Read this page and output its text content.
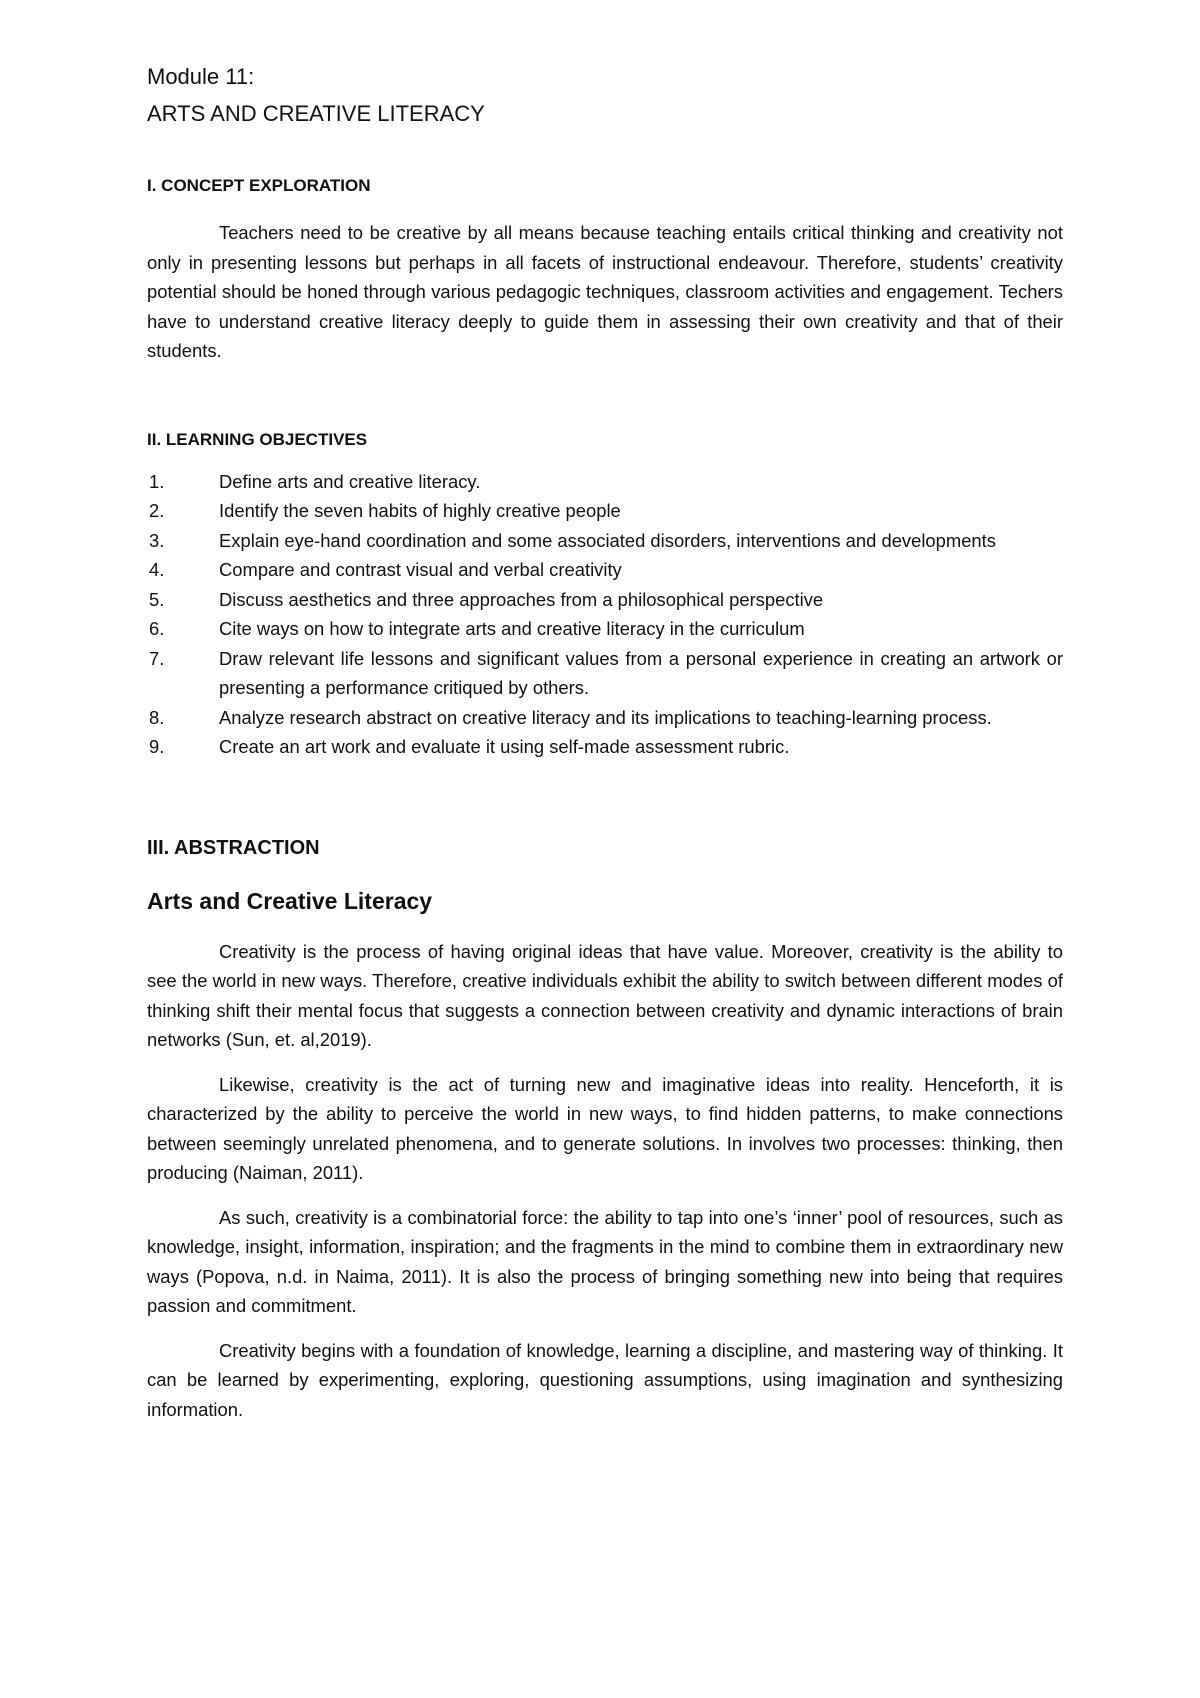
Module 11:
ARTS AND CREATIVE LITERACY
I. CONCEPT EXPLORATION

Teachers need to be creative by all means because teaching entails critical thinking and creativity not only in presenting lessons but perhaps in all facets of instructional endeavour. Therefore, students’ creativity potential should be honed through various pedagogic techniques, classroom activities and engagement. Techers have to understand creative literacy deeply to guide them in assessing their own creativity and that of their students.

II. LEARNING OBJECTIVES
1.	Define arts and creative literacy.
2.	Identify the seven habits of highly creative people
3.	Explain eye-hand coordination and some associated disorders, interventions and developments
4.	Compare and contrast visual and verbal creativity
5.	Discuss aesthetics and three approaches from a philosophical perspective
6.	Cite ways on how to integrate arts and creative literacy in the curriculum
7.	Draw relevant life lessons and significant values from a personal experience in creating an artwork or presenting a performance critiqued by others.
8.	Analyze research abstract on creative literacy and its implications to teaching-learning process.
9.	Create an art work and evaluate it using self-made assessment rubric.
III. ABSTRACTION
Arts and Creative Literacy

Creativity is the process of having original ideas that have value. Moreover, creativity is the ability to see the world in new ways. Therefore, creative individuals exhibit the ability to switch between different modes of thinking shift their mental focus that suggests a connection between creativity and dynamic interactions of brain networks (Sun, et. al,2019).

Likewise, creativity is the act of turning new and imaginative ideas into reality. Henceforth, it is characterized by the ability to perceive the world in new ways, to find hidden patterns, to make connections between seemingly unrelated phenomena, and to generate solutions. In involves two processes: thinking, then producing (Naiman, 2011).

As such, creativity is a combinatorial force: the ability to tap into one’s ‘inner’ pool of resources, such as knowledge, insight, information, inspiration; and the fragments in the mind to combine them in extraordinary new ways (Popova, n.d. in Naima, 2011). It is also the process of bringing something new into being that requires passion and commitment.

Creativity begins with a foundation of knowledge, learning a discipline, and mastering way of thinking. It can be learned by experimenting, exploring, questioning assumptions, using imagination and synthesizing information.
